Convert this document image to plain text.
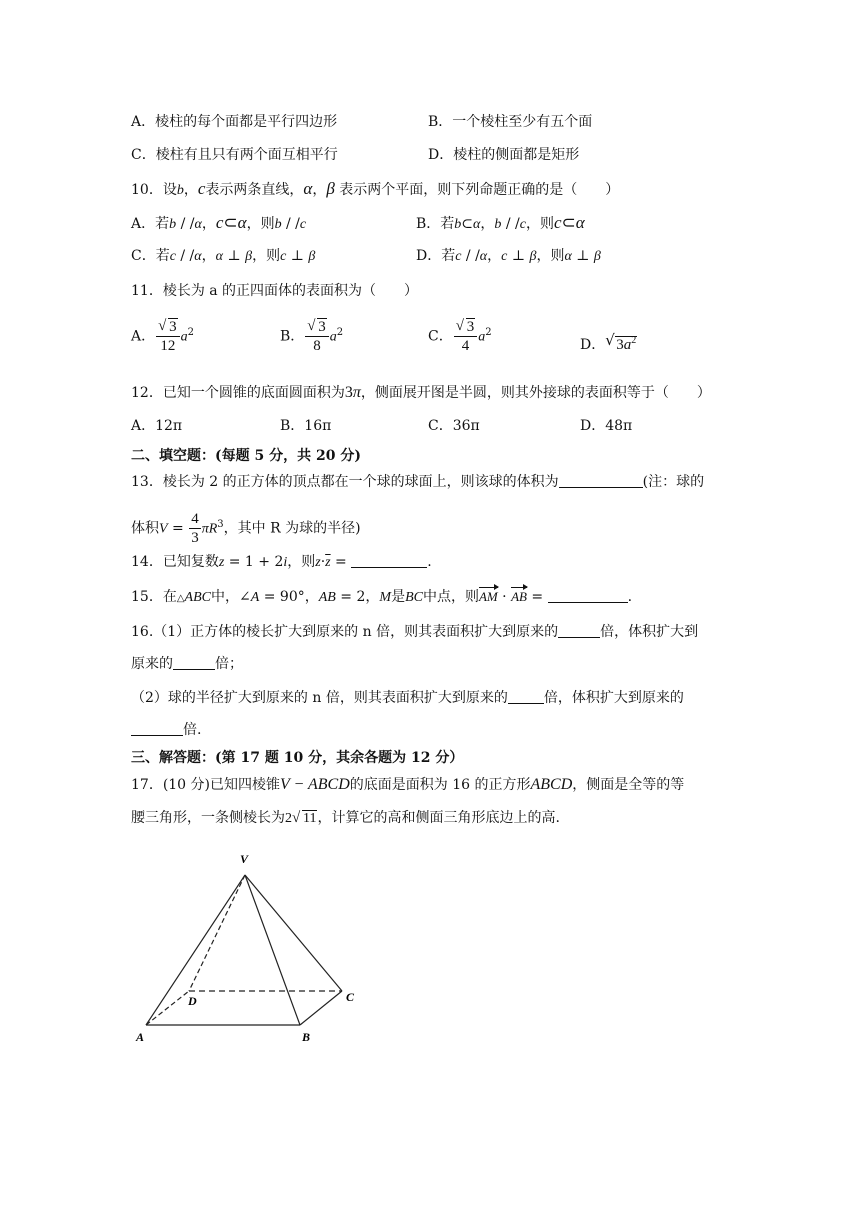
A．棱柱的每个面都是平行四边形	B．一个棱柱至少有五个面
C．棱柱有且只有两个面互相平行	D．棱柱的侧面都是矩形
10．设b，c表示两条直线，α，β 表示两个平面，则下列命题正确的是（　　）
A．若b / /α，c⊂α，则b / /c	B．若b⊂α，b / /c，则c⊂α
C．若c / /α，α ⊥ β，则c ⊥ β	D．若c / /α，c ⊥ β，则α ⊥ β
11．棱长为 a 的正四面体的表面积为（　　）
A． √ $\frac{3}{12} a^2$	B． √ $\frac{3}{8} a^2$	C． √ $\frac{3}{4} a^2$
D． √ $3a^2$
12．已知一个圆锥的底面圆面积为3π，侧面展开图是半圆，则其外接球的表面积等于（　　）
A．12π	B．16π	C．36π	D．48π
二、填空题：(每题 5 分，共 20 分)
13．棱长为 2 的正方体的顶点都在一个球的球面上，则该球的体积为	(注：球的
体积$V = \frac{4}{3} \pi R^3$，其中 R 为球的半径)
14．已知复数z = 1 + 2i，则$z\cdot\overline{z}$ =	.
15．在△ABC中，∠A = 90°，AB = 2，M是BC中点，则AM · AB =	.
16.（1）正方体的棱长扩大到原来的 n 倍，则其表面积扩大到原来的	倍，体积扩大到
原来的	倍；
（2）球的半径扩大到原来的 n 倍，则其表面积扩大到原来的	倍，体积扩大到原来的
倍.
三、解答题：(第 17 题 10 分，其余各题为 12 分）
17．(10 分)已知四棱锥V − ABCD的底面是面积为 16 的正方形ABCD，侧面是全等的等
腰三角形，一条侧棱长为2 √ 11，计算它的高和侧面三角形底边上的高.
V
A	B
C
D
